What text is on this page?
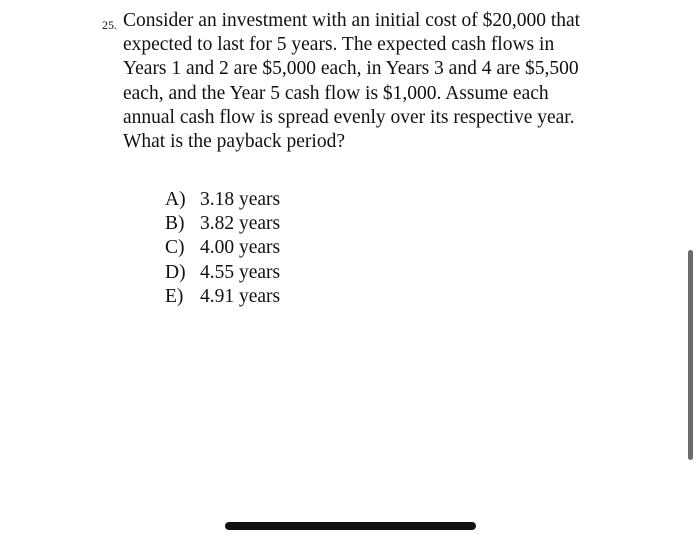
25. Consider an investment with an initial cost of $20,000 that
expected to last for 5 years. The expected cash flows in
Years 1 and 2 are $5,000 each, in Years 3 and 4 are $5,500
each, and the Year 5 cash flow is $1,000. Assume each
annual cash flow is spread evenly over its respective year.
What is the payback period?
A) 3.18 years
B) 3.82 years
C) 4.00 years
D) 4.55 years
E) 4.91 years
